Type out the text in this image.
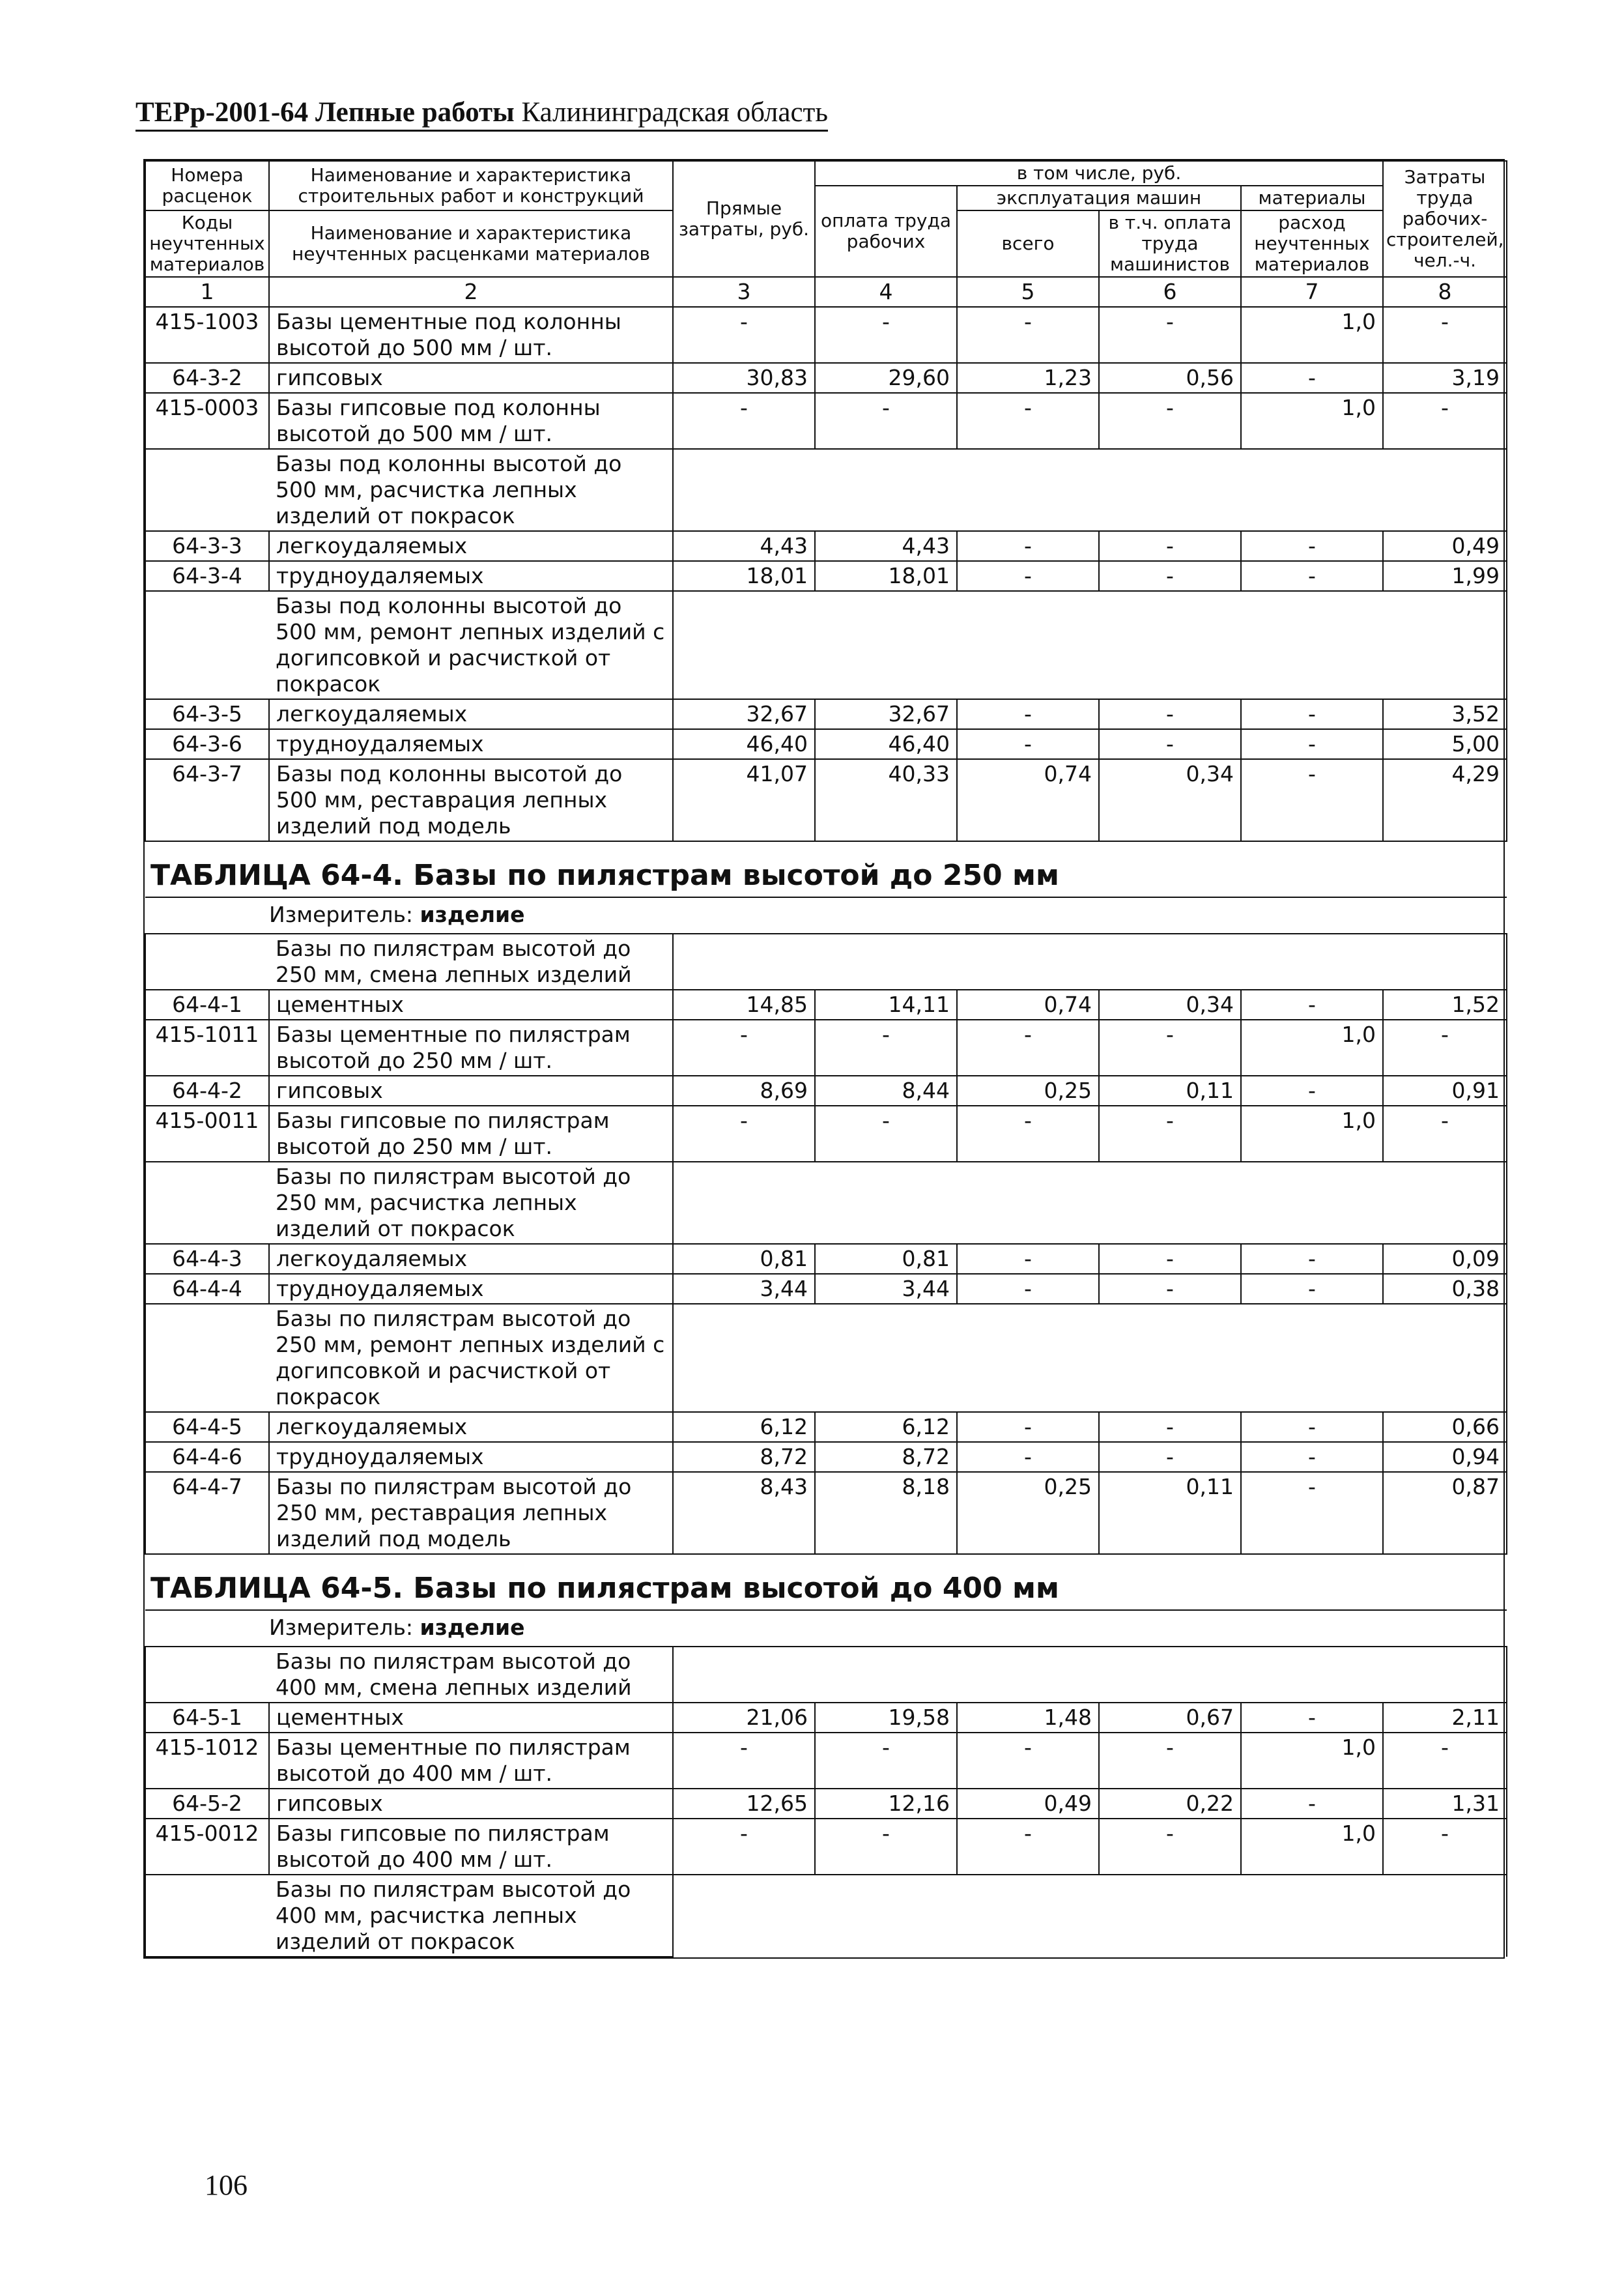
ТЕРр-2001-64 Лепные работы Калининградская область
Номера расценок	Наименование и характеристика строительных работ и конструкций	Прямые затраты, руб.	в том числе, руб.				Затраты труда рабочих-строителей, чел.-ч.
			оплата труда рабочих	эксплуатация машин		материалы	
Коды неучтенных материалов	Наименование и характеристика неучтенных расценками материалов			всего	в т.ч. оплата труда машинистов	расход неучтенных материалов	

1	2	3	4	5	6	7	8
415-1003	Базы цементные под колонны высотой до 500 мм / шт.	-	-	-	-	1,0	-
64-3-2	гипсовых	30,83	29,60	1,23	0,56	-	3,19
415-0003	Базы гипсовые под колонны высотой до 500 мм / шт.	-	-	-	-	1,0	-
	Базы под колонны высотой до 500 мм, расчистка лепных изделий от покрасок						
64-3-3	легкоудаляемых	4,43	4,43	-	-	-	0,49
64-3-4	трудноудаляемых	18,01	18,01	-	-	-	1,99
	Базы под колонны высотой до 500 мм, ремонт лепных изделий с догипсовкой и расчисткой от покрасок						
64-3-5	легкоудаляемых	32,67	32,67	-	-	-	3,52
64-3-6	трудноудаляемых	46,40	46,40	-	-	-	5,00
64-3-7	Базы под колонны высотой до 500 мм, реставрация лепных изделий под модель	41,07	40,33	0,74	0,34	-	4,29
ТАБЛИЦА 64-4. Базы по пилястрам высотой до 250 мм							
Измеритель: изделие							
	Базы по пилястрам высотой до 250 мм, смена лепных изделий						
64-4-1	цементных	14,85	14,11	0,74	0,34	-	1,52
415-1011	Базы цементные по пилястрам высотой до 250 мм / шт.	-	-	-	-	1,0	-
64-4-2	гипсовых	8,69	8,44	0,25	0,11	-	0,91
415-0011	Базы гипсовые по пилястрам высотой до 250 мм / шт.	-	-	-	-	1,0	-
	Базы по пилястрам высотой до 250 мм, расчистка лепных изделий от покрасок						
64-4-3	легкоудаляемых	0,81	0,81	-	-	-	0,09
64-4-4	трудноудаляемых	3,44	3,44	-	-	-	0,38
	Базы по пилястрам высотой до 250 мм, ремонт лепных изделий с догипсовкой и расчисткой от покрасок						
64-4-5	легкоудаляемых	6,12	6,12	-	-	-	0,66
64-4-6	трудноудаляемых	8,72	8,72	-	-	-	0,94
64-4-7	Базы по пилястрам высотой до 250 мм, реставрация лепных изделий под модель	8,43	8,18	0,25	0,11	-	0,87
ТАБЛИЦА 64-5. Базы по пилястрам высотой до 400 мм							
Измеритель: изделие							
	Базы по пилястрам высотой до 400 мм, смена лепных изделий						
64-5-1	цементных	21,06	19,58	1,48	0,67	-	2,11
415-1012	Базы цементные по пилястрам высотой до 400 мм / шт.	-	-	-	-	1,0	-
64-5-2	гипсовых	12,65	12,16	0,49	0,22	-	1,31
415-0012	Базы гипсовые по пилястрам высотой до 400 мм / шт.	-	-	-	-	1,0	-
	Базы по пилястрам высотой до 400 мм, расчистка лепных изделий от покрасок						
106
